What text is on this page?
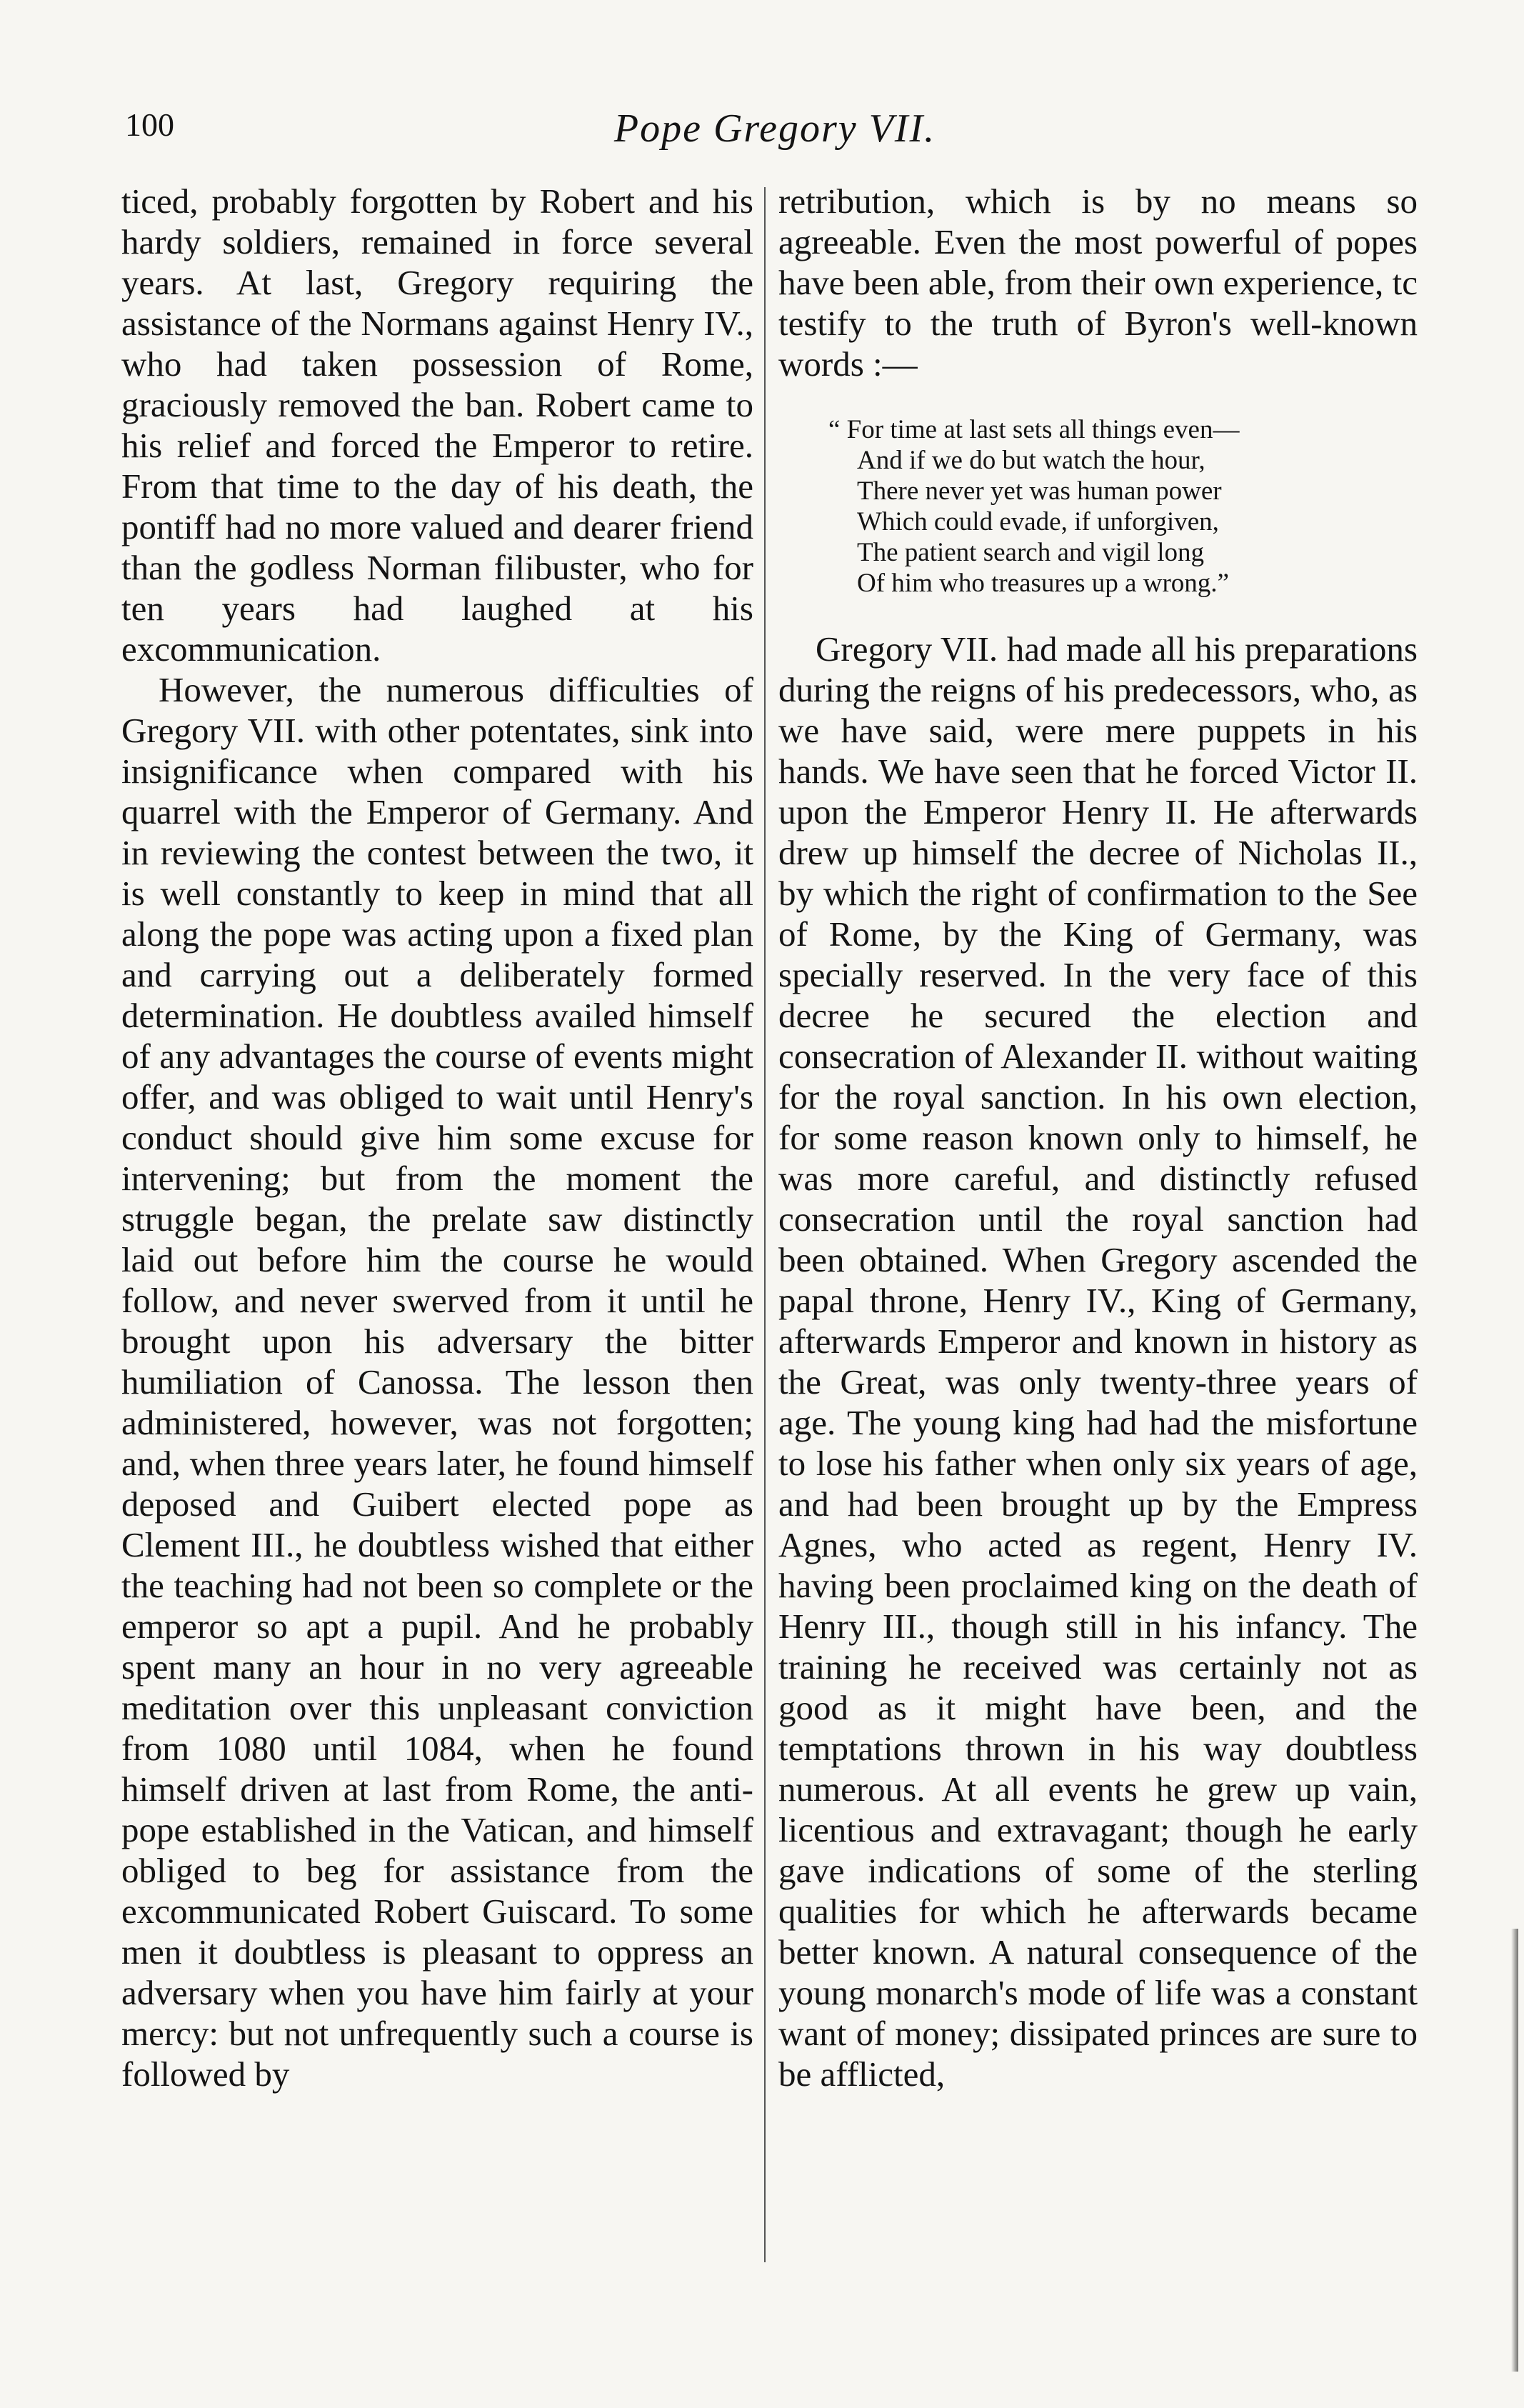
100	Pope Gregory VII.

ticed, probably forgotten by Robert and his hardy soldiers, remained in force several years. At last, Gregory requiring the assistance of the Normans against Henry IV., who had taken possession of Rome, graciously removed the ban. Robert came to his relief and forced the Emperor to retire. From that time to the day of his death, the pontiff had no more valued and dearer friend than the godless Norman filibuster, who for ten years had laughed at his excommunication.

However, the numerous difficulties of Gregory VII. with other potentates, sink into insignificance when compared with his quarrel with the Emperor of Germany. And in reviewing the contest between the two, it is well constantly to keep in mind that all along the pope was acting upon a fixed plan and carrying out a deliberately formed determination. He doubtless availed himself of any advantages the course of events might offer, and was obliged to wait until Henry's conduct should give him some excuse for intervening; but from the moment the struggle began, the prelate saw distinctly laid out before him the course he would follow, and never swerved from it until he brought upon his adversary the bitter humiliation of Canossa. The lesson then administered, however, was not forgotten; and, when three years later, he found himself deposed and Guibert elected pope as Clement III., he doubtless wished that either the teaching had not been so complete or the emperor so apt a pupil. And he probably spent many an hour in no very agreeable meditation over this unpleasant conviction from 1080 until 1084, when he found himself driven at last from Rome, the anti-pope established in the Vatican, and himself obliged to beg for assistance from the excommunicated Robert Guiscard. To some men it doubtless is pleasant to oppress an adversary when you have him fairly at your mercy: but not unfrequently such a course is followed by

retribution, which is by no means so agreeable. Even the most powerful of popes have been able, from their own experience, tc testify to the truth of Byron's well-known words :—

“ For time at last sets all things even—
And if we do but watch the hour,
There never yet was human power
Which could evade, if unforgiven,
The patient search and vigil long
Of him who treasures up a wrong.”

Gregory VII. had made all his preparations during the reigns of his predecessors, who, as we have said, were mere puppets in his hands. We have seen that he forced Victor II. upon the Emperor Henry II. He afterwards drew up himself the decree of Nicholas II., by which the right of confirmation to the See of Rome, by the King of Germany, was specially reserved. In the very face of this decree he secured the election and consecration of Alexander II. without waiting for the royal sanction. In his own election, for some reason known only to himself, he was more careful, and distinctly refused consecration until the royal sanction had been obtained. When Gregory ascended the papal throne, Henry IV., King of Germany, afterwards Emperor and known in history as the Great, was only twenty-three years of age. The young king had had the misfortune to lose his father when only six years of age, and had been brought up by the Empress Agnes, who acted as regent, Henry IV. having been proclaimed king on the death of Henry III., though still in his infancy. The training he received was certainly not as good as it might have been, and the temptations thrown in his way doubtless numerous. At all events he grew up vain, licentious and extravagant; though he early gave indications of some of the sterling qualities for which he afterwards became better known. A natural consequence of the young monarch's mode of life was a constant want of money; dissipated princes are sure to be afflicted,
